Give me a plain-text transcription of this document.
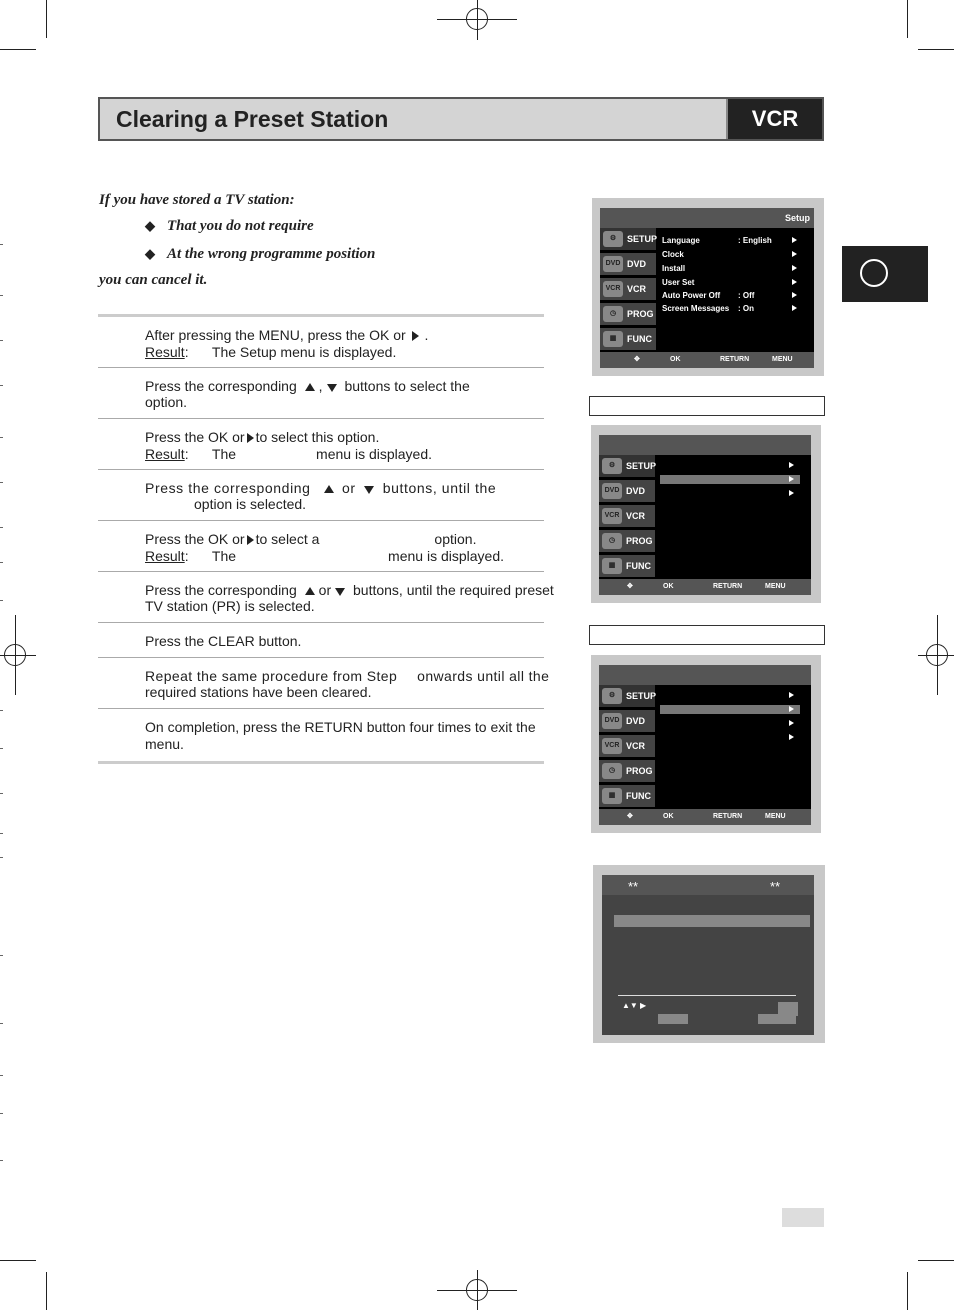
Clearing a Preset Station	VCR
If you have stored a TV station:
◆ That you do not require
◆ At the wrong programme position
you can cancel it.
After pressing the MENU, press the OK or .
Result:      The Setup menu is displayed.
Press the corresponding , buttons to select the
option.
Press the OK or to select this option.
Result:      The	menu is displayed.
Press the corresponding or buttons, until the
option is selected.
Press the OK or to select a	option.
Result:      The	menu is displayed.
Press the corresponding or buttons, until the required preset
TV station (PR) is selected.
Press the CLEAR button.
Repeat the same procedure from Step onwards until all the
required stations have been cleared.
On completion, press the RETURN button four times to exit the
menu.
Setup
⚙	SETUP
DVD DVD
VCR VCR
◷	PROG
▦	FUNC
Language	: English
Clock
Install
User Set
Auto Power Off : Off
Screen Messages : On
✥	OK	RETURN	MENU
⚙	SETUP
DVD DVD
VCR VCR
◷	PROG
▦	FUNC
✥	OK	RETURN	MENU
⚙	SETUP
DVD DVD
VCR VCR
◷	PROG
▦	FUNC
✥	OK	RETURN	MENU
**	**
▲▼ ▶
